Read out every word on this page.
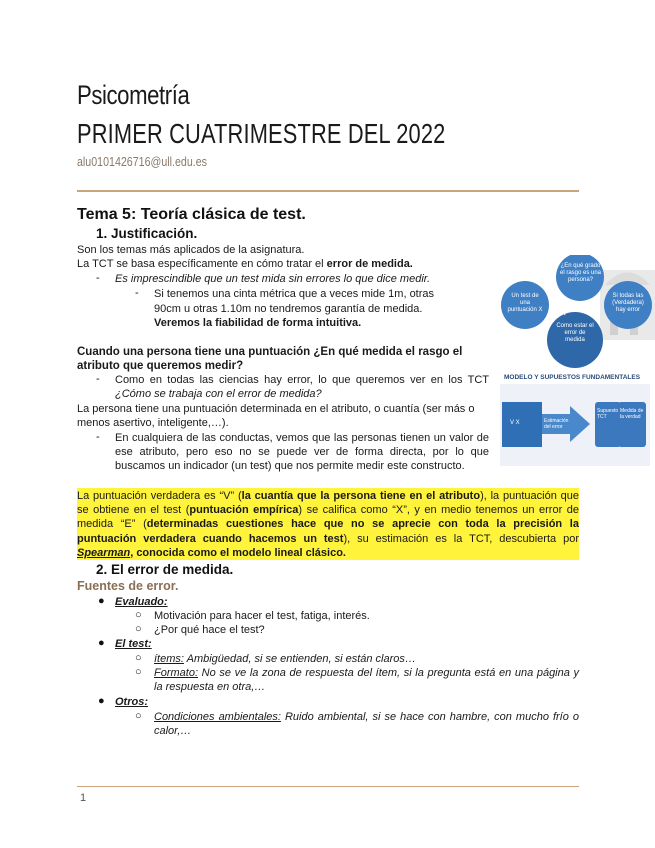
Psicometría
PRIMER CUATRIMESTRE DEL 2022
alu0101426716@ull.edu.es
Tema 5: Teoría clásica de test.
1. Justificación.
Son los temas más aplicados de la asignatura.
La TCT se basa específicamente en cómo tratar el error de medida.
- Es imprescindible que un test mida sin errores lo que dice medir.
- Si tenemos una cinta métrica que a veces mide 1m, otras
90cm u otras 1.10m no tendremos garantía de medida.
Veremos la fiabilidad de forma intuitiva.
¿En qué grado el rasgo es una persona?
Un test de una puntuación X
Si todas las (Verdadera) hay error
Como estar el error de medida
MODELO Y SUPUESTOS FUNDAMENTALES
V X	Estimación del error
Supuesto TCT
Medida de la verdad
Cuando una persona tiene una puntuación ¿En qué medida el rasgo el atributo que queremos medir?
- Como en todas las ciencias hay error, lo que queremos ver en los TCT ¿Cómo se trabaja con el error de medida?
La persona tiene una puntuación determinada en el atributo, o cuantía (ser más o menos asertivo, inteligente,…).
- En cualquiera de las conductas, vemos que las personas tienen un valor de ese atributo, pero eso no se puede ver de forma directa, por lo que buscamos un indicador (un test) que nos permite medir este constructo.
La puntuación verdadera es “V” (la cuantía que la persona tiene en el atributo), la puntuación que se obtiene en el test (puntuación empírica) se califica como “X”, y en medio tenemos un error de medida “E” (determinadas cuestiones hace que no se aprecie con toda la precisión la puntuación verdadera cuando hacemos un test), su estimación es la TCT, descubierta por Spearman, conocida como el modelo lineal clásico.
2. El error de medida.
Fuentes de error.
● Evaluado:
○ Motivación para hacer el test, fatiga, interés.
○ ¿Por qué hace el test?
● El test:
○ ítems: Ambigüedad, si se entienden, si están claros…
○ Formato: No se ve la zona de respuesta del ítem, si la pregunta está en una página y la respuesta en otra,…
● Otros:
○ Condiciones ambientales: Ruido ambiental, si se hace con hambre, con mucho frío o calor,…
1
